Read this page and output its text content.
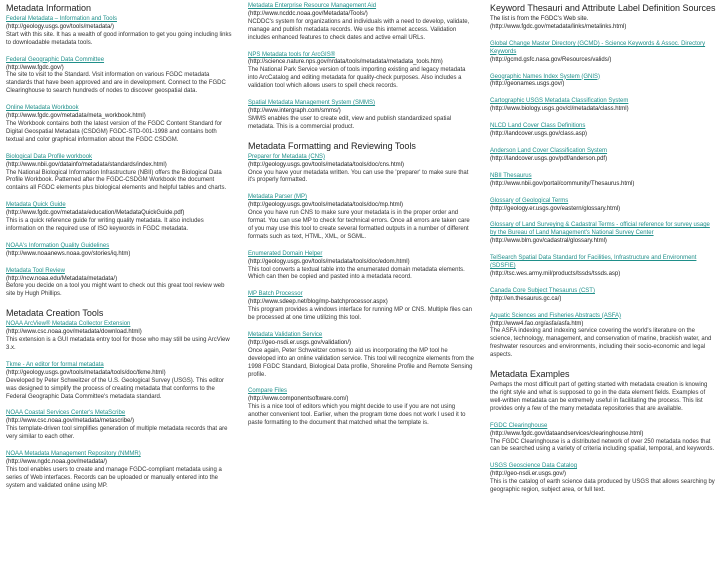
Metadata Information
Federal Metadata – Information and Tools
(http://geology.usgs.gov/tools/metadata/)
Start with this site. It has a wealth of good information to get you going including links to downloadable metadata tools.
Federal Geographic Data Committee
(http://www.fgdc.gov/)
The site to visit to the Standard. Visit information on various FGDC metadata standards that have been approved and are in development. Connect to the FGDC Clearinghouse to search hundreds of nodes to discover geospatial data.
Online Metadata Workbook
(http://www.fgdc.gov/metadata/meta_workbook.html)
The Workbook contains both the latest version of the FGDC Content Standard for Digital Geospatial Metadata (CSDGM) FGDC-STD-001-1998 and contains both textual and color graphical information about the FGDC CSDGM.
Biological Data Profile workbook
(http://www.nbii.gov/datainfo/metadata/standards/index.html)
The National Biological Information Infrastructure (NBII) offers the Biological Data Profile Workbook. Patterned after the FGDC-CSDGM Workbook the document contains all FGDC elements plus biological elements and helpful tables and charts.
Metadata Quick Guide
(http://www.fgdc.gov/metadata/education/MetadataQuickGuide.pdf)
This is a quick reference guide for writing quality metadata. It also includes information on the required use of ISO keywords in FGDC metadata.
NOAA's Information Quality Guidelines
(http://www.noaanews.noaa.gov/stories/iq.htm)
Metadata Tool Review
(http://ncw.noaa.edu/Metadata/metadata/)
Before you decide on a tool you might want to check out this great tool review web site by Hugh Phillips.
Metadata Creation Tools
NOAA ArcView® Metadata Collector Extension
(http://www.csc.noaa.gov/metadata/download.html)
This extension is a GUI metadata entry tool for those who may still be using ArcView 3.x.
Tkme - An editor for formal metadata
(http://geology.usgs.gov/tools/metadata/tools/doc/tkme.html)
Developed by Peter Schweitzer of the U.S. Geological Survey (USGS). This editor was designed to simplify the process of creating metadata that conforms to the Federal Geographic Data Committee's metadata standard.
NOAA Coastal Services Center's MetaScribe
(http://www.csc.noaa.gov/metadata/metascribe/)
This template-driven tool simplifies generation of multiple metadata records that are very similar to each other.
NOAA Metadata Management Repository (NMMR)
(http://www.ngdc.noaa.gov/metadata/)
This tool enables users to create and manage FGDC-compliant metadata using a series of Web interfaces. Records can be uploaded or manually entered into the system and validated online using MP.
Metadata Enterprise Resource Management Aid
(http://www.ncddc.noaa.gov/Metadata/Tools/)
NCDDC's system for organizations and individuals with a need to develop, validate, manage and publish metadata records. We use this internet access. Validation includes enhanced features to check dates and active email URLs.
NPS Metadata tools for ArcGIS®
(http://science.nature.nps.gov/nrdata/tools/metadata/metadata_tools.htm)
The National Park Service version of tools importing existing and legacy metadata into ArcCatalog and editing metadata for quality-check purposes. Also includes a validation tool which allows users to spell check records.
Spatial Metadata Management System (SMMS)
(http://www.intergraph.com/smms/)
SMMS enables the user to create edit, view and publish standardized spatial metadata. This is a commercial product.
Metadata Formatting and Reviewing Tools
Preparer for Metadata (CNS)
(http://geology.usgs.gov/tools/metadata/tools/doc/cns.html)
Once you have your metadata written. You can use the 'preparer' to make sure that it's properly formatted.
Metadata Parser (MP)
(http://geology.usgs.gov/tools/metadata/tools/doc/mp.html)
Once you have run CNS to make sure your metadata is in the proper order and format. You can use MP to check for technical errors. Once all errors are taken care of you may use this tool to create several formatted outputs in a number of different formats such as text, HTML, XML, or SGML.
Enumerated Domain Helper
(http://geology.usgs.gov/tools/metadata/tools/doc/edom.html)
This tool converts a textual table into the enumerated domain metadata elements. Which can then be copied and pasted into a metadata record.
MP Batch Processor
(http://www.sdeep.net/blog/mp-batchprocessor.aspx)
This program provides a windows interface for running MP or CNS. Multiple files can be processed at one time utilizing this tool.
Metadata Validation Service
(http://geo-nsdi.er.usgs.gov/validation/)
Once again, Peter Schweitzer comes to aid us incorporating the MP tool he developed into an online validation service. This tool will recognize elements from the 1998 FGDC Standard, Biological Data profile, Shoreline Profile and Remote Sensing profile.
Compare Files
(http://www.componentsoftware.com/)
This is a nice tool of editors which you might decide to use if you are not using another convenient tool. Earlier, when the program tkme does not work I used it to paste formatting to the document that matched what the template is.
Keyword Thesauri and Attribute Label Definition Sources
The list is from the FGDC's Web site.
(http://www.fgdc.gov/metadata/links/metalinks.html)
Global Change Master Directory (GCMD) - Science Keywords & Assoc. Directory Keywords
(http://gcmd.gsfc.nasa.gov/Resources/valids/)
Geographic Names Index System (GNIS)
(http://geonames.usgs.gov/)
Cartographic USGS Metadata Classification System
(http://www.biology.usgs.gov/cl/metadata/class.html)
NLCD Land Cover Class Definitions
(http://landcover.usgs.gov/class.asp)
Anderson Land Cover Classification System
(http://landcover.usgs.gov/pdf/anderson.pdf)
NBII Thesaurus
(http://www.nbii.gov/portal/community/Thesaurus.html)
Glossary of Geological Terms
(http://geology.er.usgs.gov/eastern/glossary.html)
Glossary of Land Surveying & Cadastral Terms - official reference for survey usage by the Bureau of Land Management's National Survey Center
(http://www.blm.gov/cadastral/glossary.html)
TelSearch Spatial Data Standard for Facilities, Infrastructure and Environment (SDSFIE)
(http://tsc.wes.army.mil/products/tssds/tssds.asp)
Canada Core Subject Thesaurus (CST)
(http://en.thesaurus.gc.ca/)
Aquatic Sciences and Fisheries Abstracts (ASFA)
(http://www4.fao.org/asfa/asfa.htm)
The ASFA indexing and indexing service covering the world's literature on the science, technology, management, and conservation of marine, brackish water, and freshwater resources and environments, including their socio-economic and legal aspects.
Metadata Examples
Perhaps the most difficult part of getting started with metadata creation is knowing the right style and what is supposed to go in the data element fields. Examples of well-written metadata can be extremely useful in facilitating the process. This list provides only a few of the many metadata repositories that are available.
FGDC Clearinghouse
(http://www.fgdc.gov/dataandservices/clearinghouse.html)
The FGDC Clearinghouse is a distributed network of over 250 metadata nodes that can be searched using a variety of criteria including spatial, temporal, and keywords.
USGS Geoscience Data Catalog
(http://geo-nsdi.er.usgs.gov/)
This is the catalog of earth science data produced by USGS that allows searching by geographic region, subject area, or full text.
